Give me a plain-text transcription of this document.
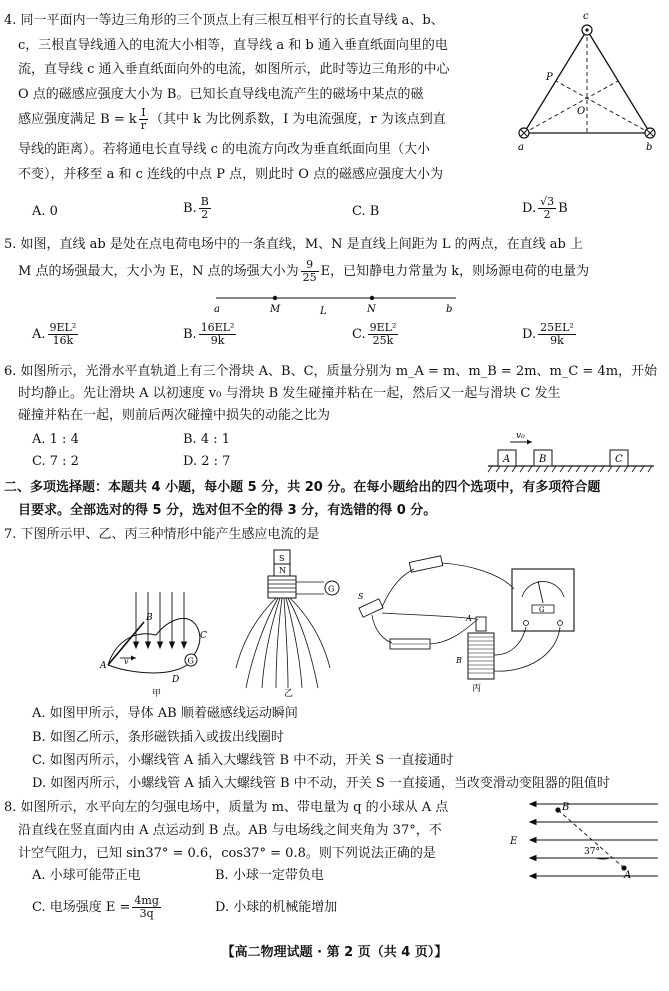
4. 同一平面内一等边三角形的三个顶点上有三根互相平行的长直导线 a、b、
c，三根直导线通入的电流大小相等，直导线 a 和 b 通入垂直纸面向里的电
流，直导线 c 通入垂直纸面向外的电流，如图所示，此时等边三角形的中心
O 点的磁感应强度大小为 B。已知长直导线电流产生的磁场中某点的磁
感应强度满足 B = k $\frac{I}{r}$ （其中 k 为比例系数，I 为电流强度，r 为该点到直
导线的距离）。若将通电长直导线 c 的电流方向改为垂直纸面向里（大小
不变），并移至 a 和 c 连线的中点 P 点，则此时 O 点的磁感应强度大小为
A. 0	B. $\frac{B}{2}$	C. B	D. $\frac{√3}{2}$ B
c
a	b
P
O
5. 如图，直线 ab 是处在点电荷电场中的一条直线，M、N 是直线上间距为 L 的两点，在直线 ab 上
M 点的场强最大，大小为 E，N 点的场强大小为 $\frac{9}{25}$ E，已知静电力常量为 k，则场源电荷的电量为
a	M	L	N	b
A. $\frac{\text{9EL²}}{16k}$	B. $\frac{\text{16EL²}}{9k}$	C. $\frac{\text{9EL²}}{25k}$	D. $\frac{\text{25EL²}}{9k}$
6. 如图所示，光滑水平直轨道上有三个滑块 A、B、C，质量分别为 m_A = m、m_B = 2m、m_C = 4m，开始
时均静止。先让滑块 A 以初速度 v₀ 与滑块 B 发生碰撞并粘在一起，然后又一起与滑块 C 发生
碰撞并粘在一起，则前后两次碰撞中损失的动能之比为
A. 1 : 4	B. 4 : 1
C. 7 : 2	D. 2 : 7	A	B	C
v₀
二、多项选择题：本题共 4 小题，每小题 5 分，共 20 分。在每小题给出的四个选项中，有多项符合题
目要求。全部选对的得 5 分，选对但不全的得 3 分，有选错的得 0 分。
7. 下图所示甲、乙、丙三种情形中能产生感应电流的是
G
B
C
A v
D
甲
S
N
G
乙
G
S
A
B
丙
A. 如图甲所示，导体 AB 顺着磁感线运动瞬间
B. 如图乙所示，条形磁铁插入或拔出线圈时
C. 如图丙所示，小螺线管 A 插入大螺线管 B 中不动，开关 S 一直接通时
D. 如图丙所示，小螺线管 A 插入大螺线管 B 中不动，开关 S 一直接通，当改变滑动变阻器的阻值时
8. 如图所示，水平向左的匀强电场中，质量为 m、带电量为 q 的小球从 A 点
沿直线在竖直面内由 A 点运动到 B 点。AB 与电场线之间夹角为 37°，不
计空气阻力，已知 sin37° = 0.6，cos37° = 0.8。则下列说法正确的是
A. 小球可能带正电	B. 小球一定带负电
C. 电场强度 $E = \frac{4mg}{3q}$	D. 小球的机械能增加
B
E
37°
A
【高二物理试题 · 第 2 页（共 4 页）】
